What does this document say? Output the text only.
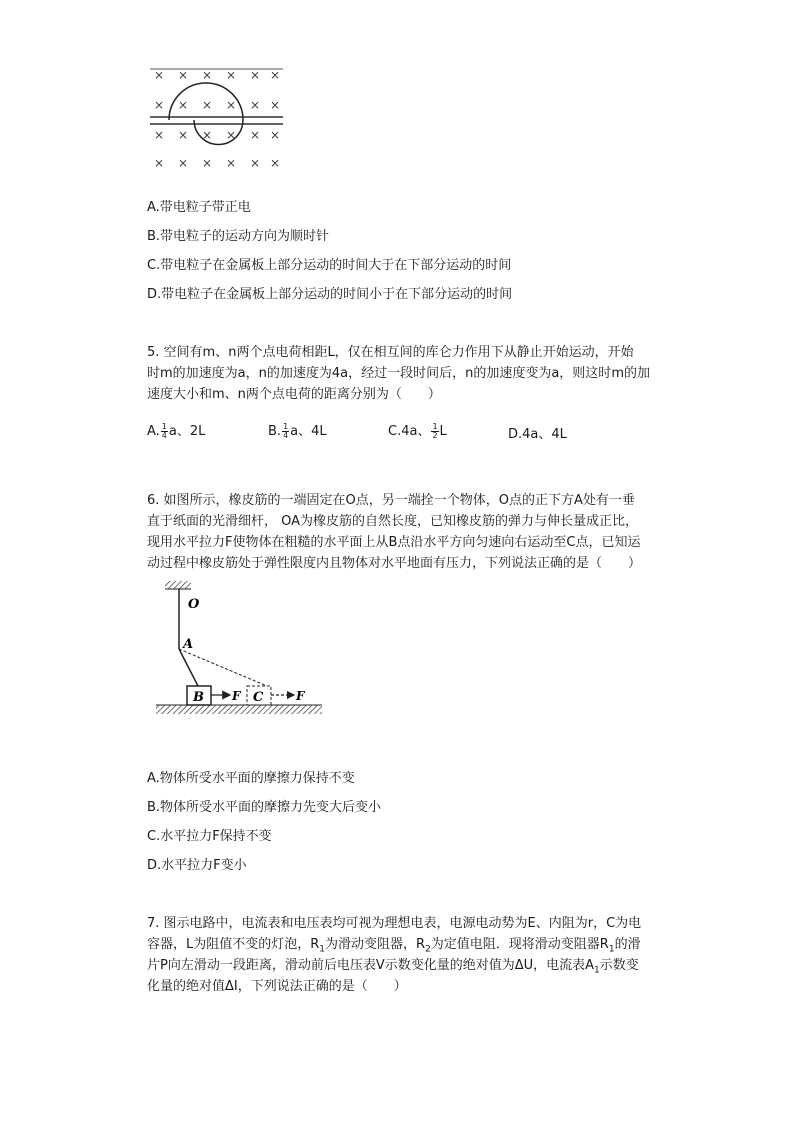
× × × × × ×
× × × × × ×
× × × × × ×
× × × × × ×
A.带电粒子带正电
B.带电粒子的运动方向为顺时针
C.带电粒子在金属板上部分运动的时间大于在下部分运动的时间
D.带电粒子在金属板上部分运动的时间小于在下部分运动的时间
5. 空间有m、n两个点电荷相距L，仅在相互间的库仑力作用下从静止开始运动，开始
时m的加速度为a，n的加速度为4a，经过一段时间后，n的加速度变为a，则这时m的加
速度大小和m、n两个点电荷的距离分别为（　　）
A. $\frac{1}{4}$ a、2L	B. $\frac{1}{4}$ a、4L	C.4a、 $\frac{1}{2}$ L	D.4a、4L
6. 如图所示，橡皮筋的一端固定在O点，另一端拴一个物体，O点的正下方A处有一垂
直于纸面的光滑细杆， OA为橡皮筋的自然长度，已知橡皮筋的弹力与伸长量成正比，
现用水平拉力F使物体在粗糙的水平面上从B点沿水平方向匀速向右运动至C点，已知运
动过程中橡皮筋处于弹性限度内且物体对水平地面有压力，下列说法正确的是（　　）
O
A
B F C	F
A.物体所受水平面的摩擦力保持不变
B.物体所受水平面的摩擦力先变大后变小
C.水平拉力F保持不变
D.水平拉力F变小
7. 图示电路中，电流表和电压表均可视为理想电表，电源电动势为E、内阻为r，C为电
容器，L为阻值不变的灯泡，$R_1$为滑动变阻器，$R_2$为定值电阻．现将滑动变阻器$R_1$的滑
片P向左滑动一段距离，滑动前后电压表V示数变化量的绝对值为ΔU，电流表$A_1$示数变
化量的绝对值ΔI，下列说法正确的是（　　）
